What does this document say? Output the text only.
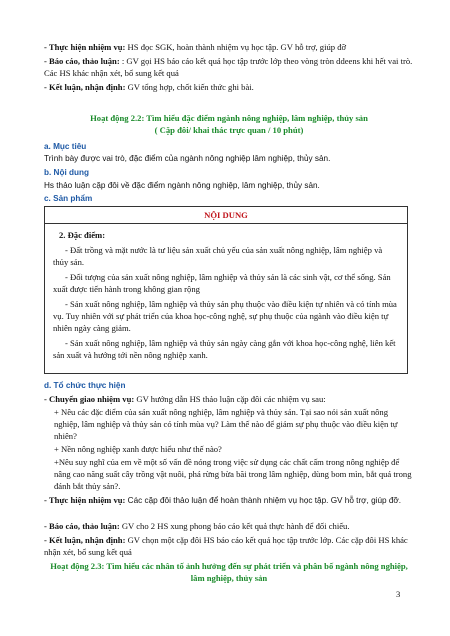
- Thực hiện nhiệm vụ: HS đọc SGK, hoàn thành nhiệm vụ học tập. GV hỗ trợ, giúp đỡ

- Báo cáo, thảo luận: : GV gọi HS báo cáo kết quả học tập trước lớp theo vòng tròn ddeens khi hết vai trò. Các HS khác nhận xét, bổ sung kết quả

- Kết luận, nhận định: GV tổng hợp, chốt kiến thức ghi bài.

Hoạt động 2.2: Tìm hiểu đặc điểm ngành nông nghiệp, lâm nghiệp, thủy sản

( Cặp đôi/ khai thác trực quan / 10 phút)

a. Mục tiêu

Trình bày được vai trò, đặc điểm của ngành nông nghiệp lâm nghiệp, thủy sản.

b. Nội dung

Hs thảo luận cặp đôi về đặc điểm ngành nông nghiệp, lâm nghiệp, thủy sản.

c. Sản phẩm

NỘI DUNG

2. Đặc điểm:

- Đất trồng và mặt nước là tư liệu sản xuất chủ yếu của sản xuất nông nghiệp, lâm nghiệp và thủy sản.

- Đối tượng của sản xuất nông nghiệp, lâm nghiệp và thủy sản là các sinh vật, cơ thể sống. Sản xuất được tiến hành trong không gian rộng

- Sản xuất nông nghiệp, lâm nghiệp và thủy sản phụ thuộc vào điều kiện tự nhiên và có tính mùa vụ. Tuy nhiên với sự phát triển của khoa học-công nghệ, sự phụ thuộc của ngành vào điều kiện tự nhiên ngày càng giảm.

- Sản xuất nông nghiệp, lâm nghiệp và thủy sản ngày càng gắn với khoa học-công nghệ, liên kết sản xuất và hướng tới nền nông nghiệp xanh.

d. Tổ chức thực hiện

- Chuyển giao nhiệm vụ: GV hướng dẫn HS thảo luận cặp đôi các nhiệm vụ sau:

+ Nêu các đặc điểm của sản xuất nông nghiệp, lâm nghiệp và thủy sản. Tại sao nói sản xuất nông nghiệp, lâm nghiệp và thủy sản có tính mùa vụ? Làm thế nào để giảm sự phụ thuộc vào điều kiện tự nhiên?

+ Nền nông nghiệp xanh được hiểu như thế nào?

+Nêu suy nghĩ của em về một số vấn đề nóng trong việc sử dụng các chất cấm trong nông nghiệp để nâng cao năng suất cây trồng vật nuôi, phá rừng bừa bãi trong lâm nghiệp, dùng bom mìn, bắt quá trong đánh bắt thủy sản?.

- Thực hiện nhiệm vụ: Các cặp đôi thảo luận để hoàn thành nhiệm vụ học tập. GV hỗ trợ, giúp đỡ.

- Báo cáo, thảo luận: GV cho 2 HS xung phong báo cáo kết quả thực hành để đối chiếu.

- Kết luận, nhận định: GV chọn một cặp đôi HS báo cáo kết quả học tập trước lớp. Các cặp đôi HS khác nhận xét, bổ sung kết quả

Hoạt động 2.3: Tìm hiểu các nhân tố ảnh hưởng đến sự phát triển và phân bố ngành nông nghiệp, lâm nghiệp, thủy sản

3
